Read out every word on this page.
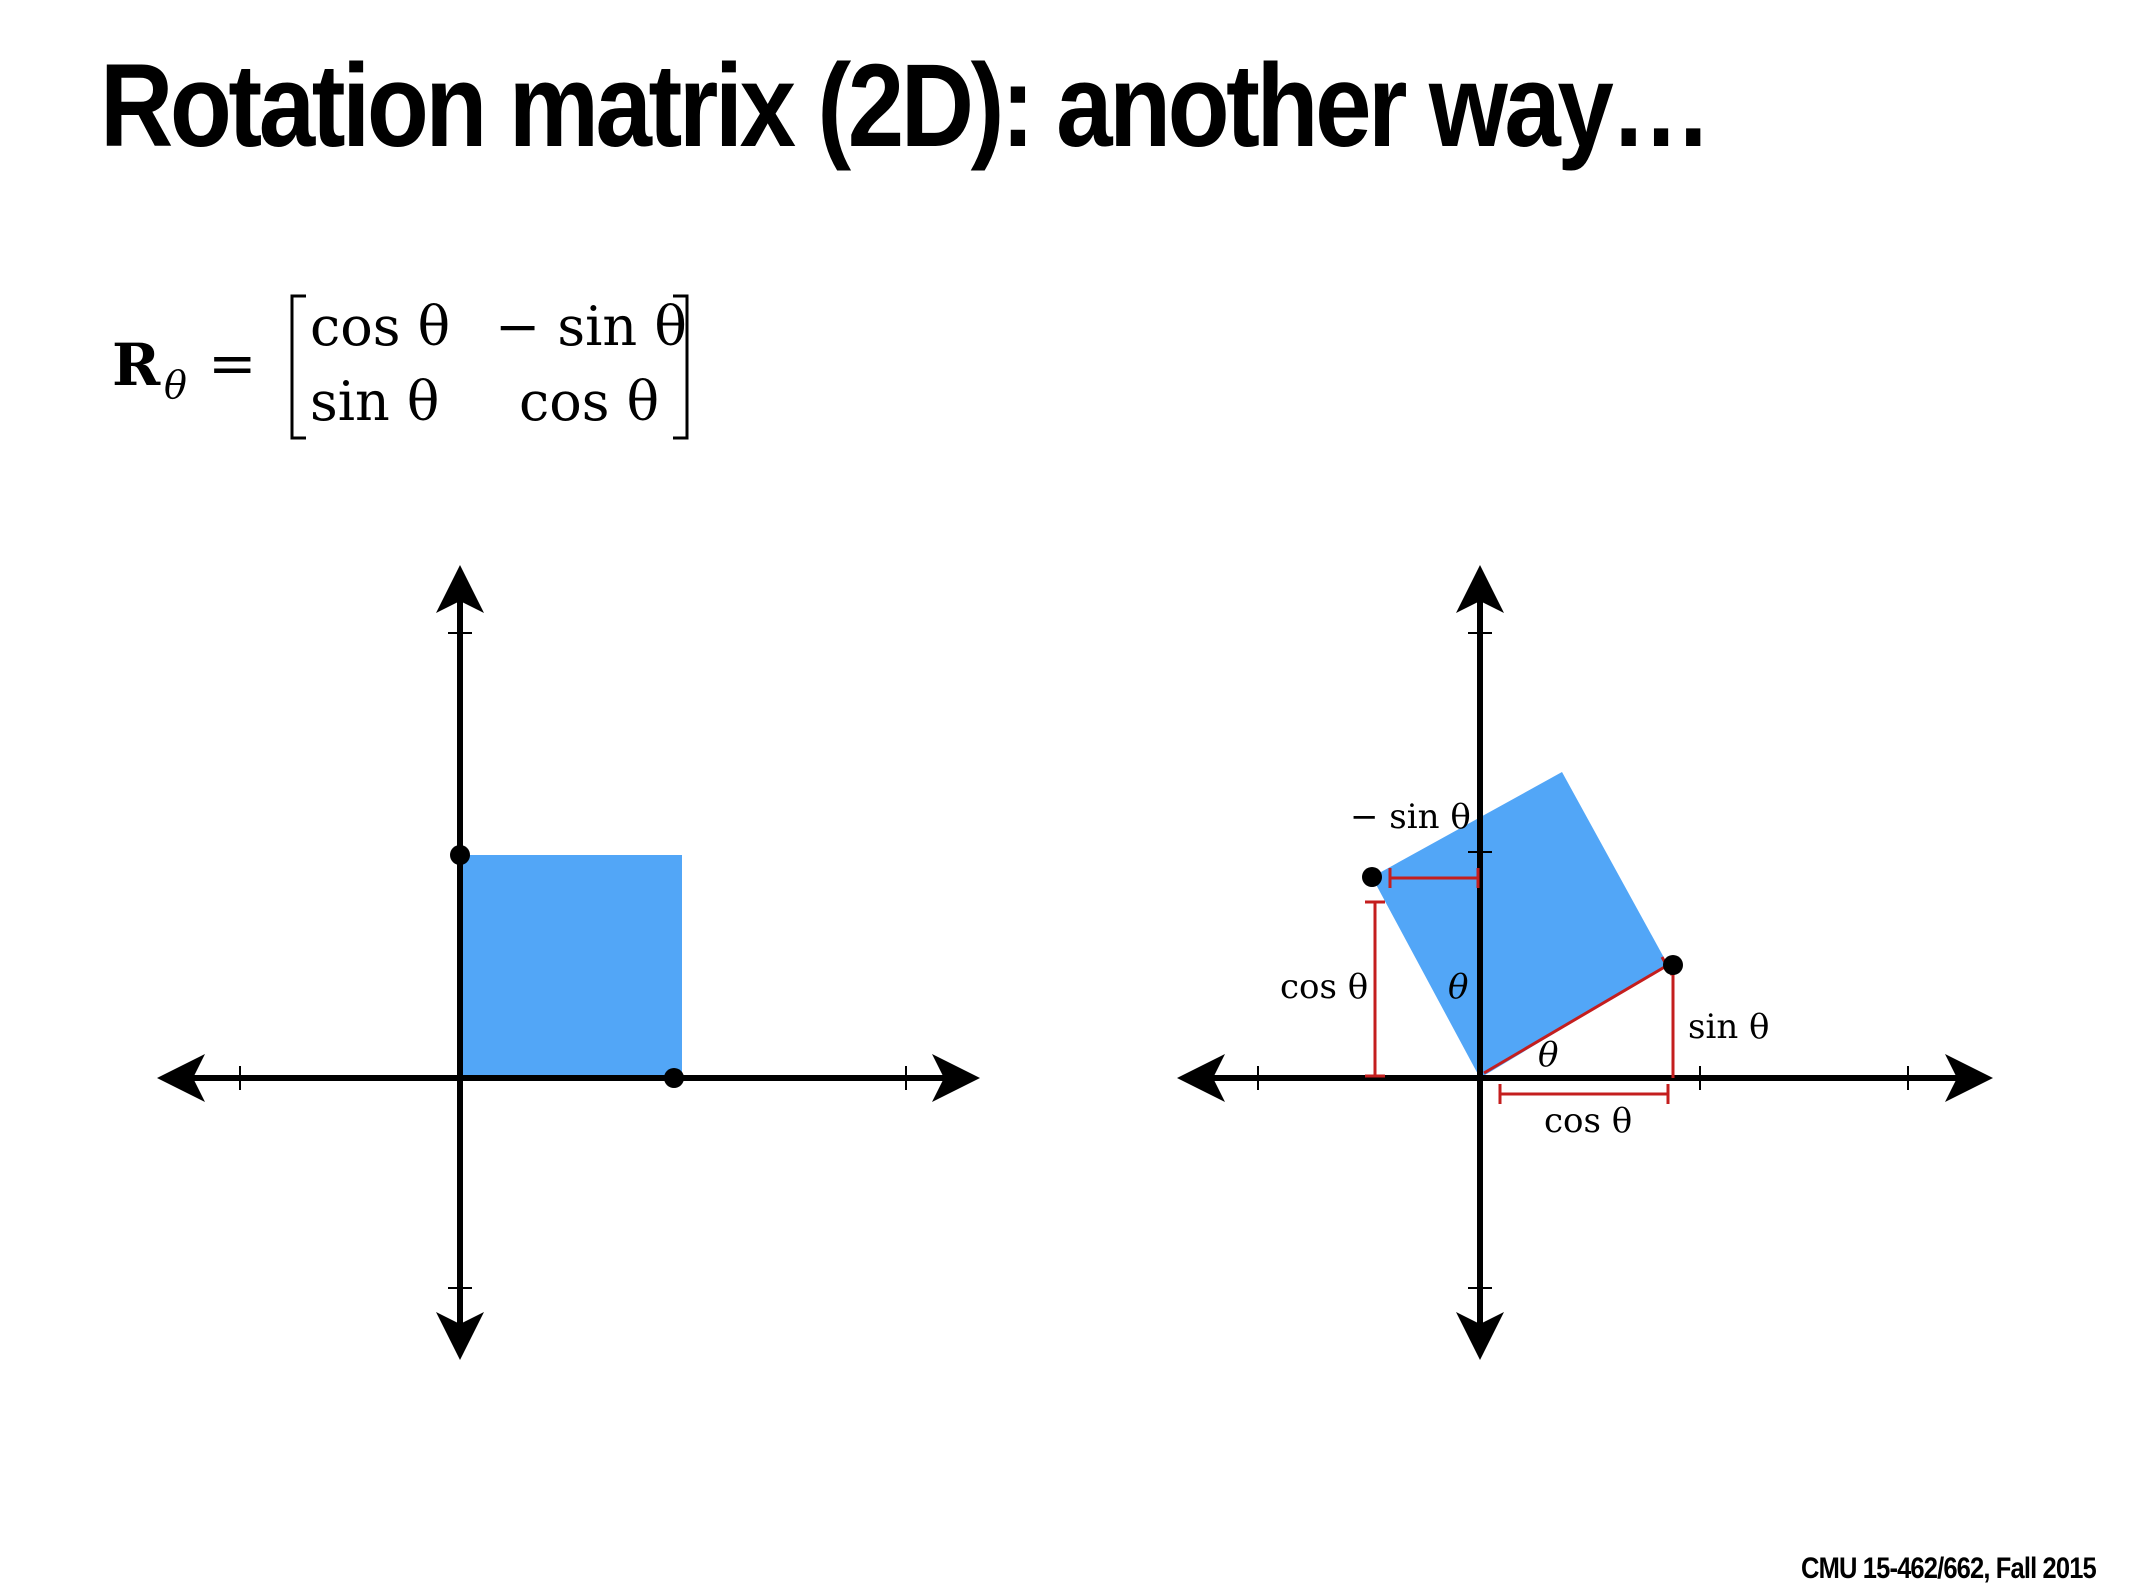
Rotation matrix (2D): another way…
R θ =
cos θ − sin θ
sin θ cos θ
− sin θ
cos θ θ
θ
sin θ
cos θ
CMU 15-462/662, Fall 2015
